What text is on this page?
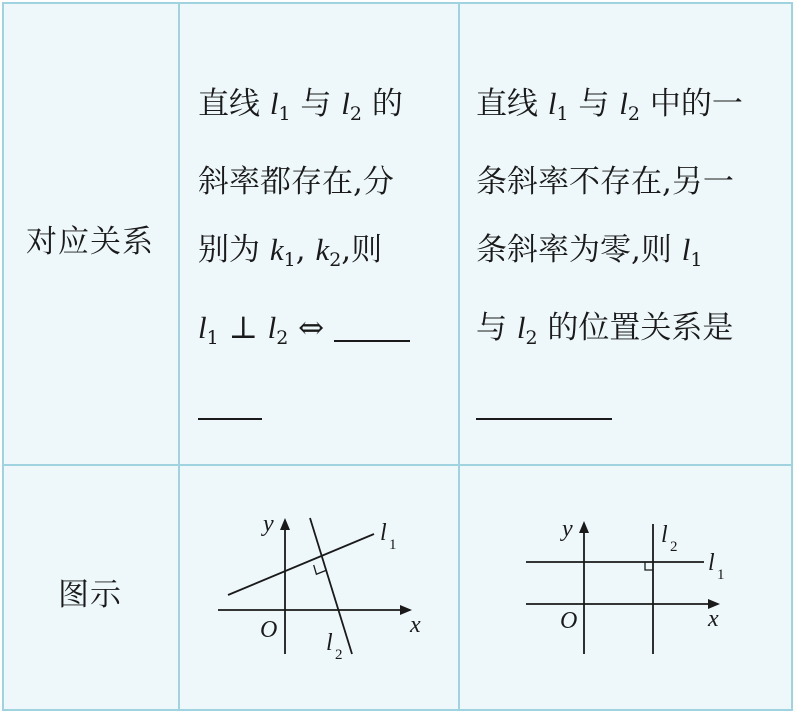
对应关系
直线 $l_1$ 与 $l_2$ 的
斜率都存在,分
别为 $k_1$, $k_2$,则
$l_1$ ⊥ $l_2$ ⇔
直线 $l_1$ 与 $l_2$ 中的一
条斜率不存在,另一
条斜率为零,则 $l_1$
与 $l_2$ 的位置关系是
图示
y
x
O
l 1
l 2
y
x
O
l 2
l 1
